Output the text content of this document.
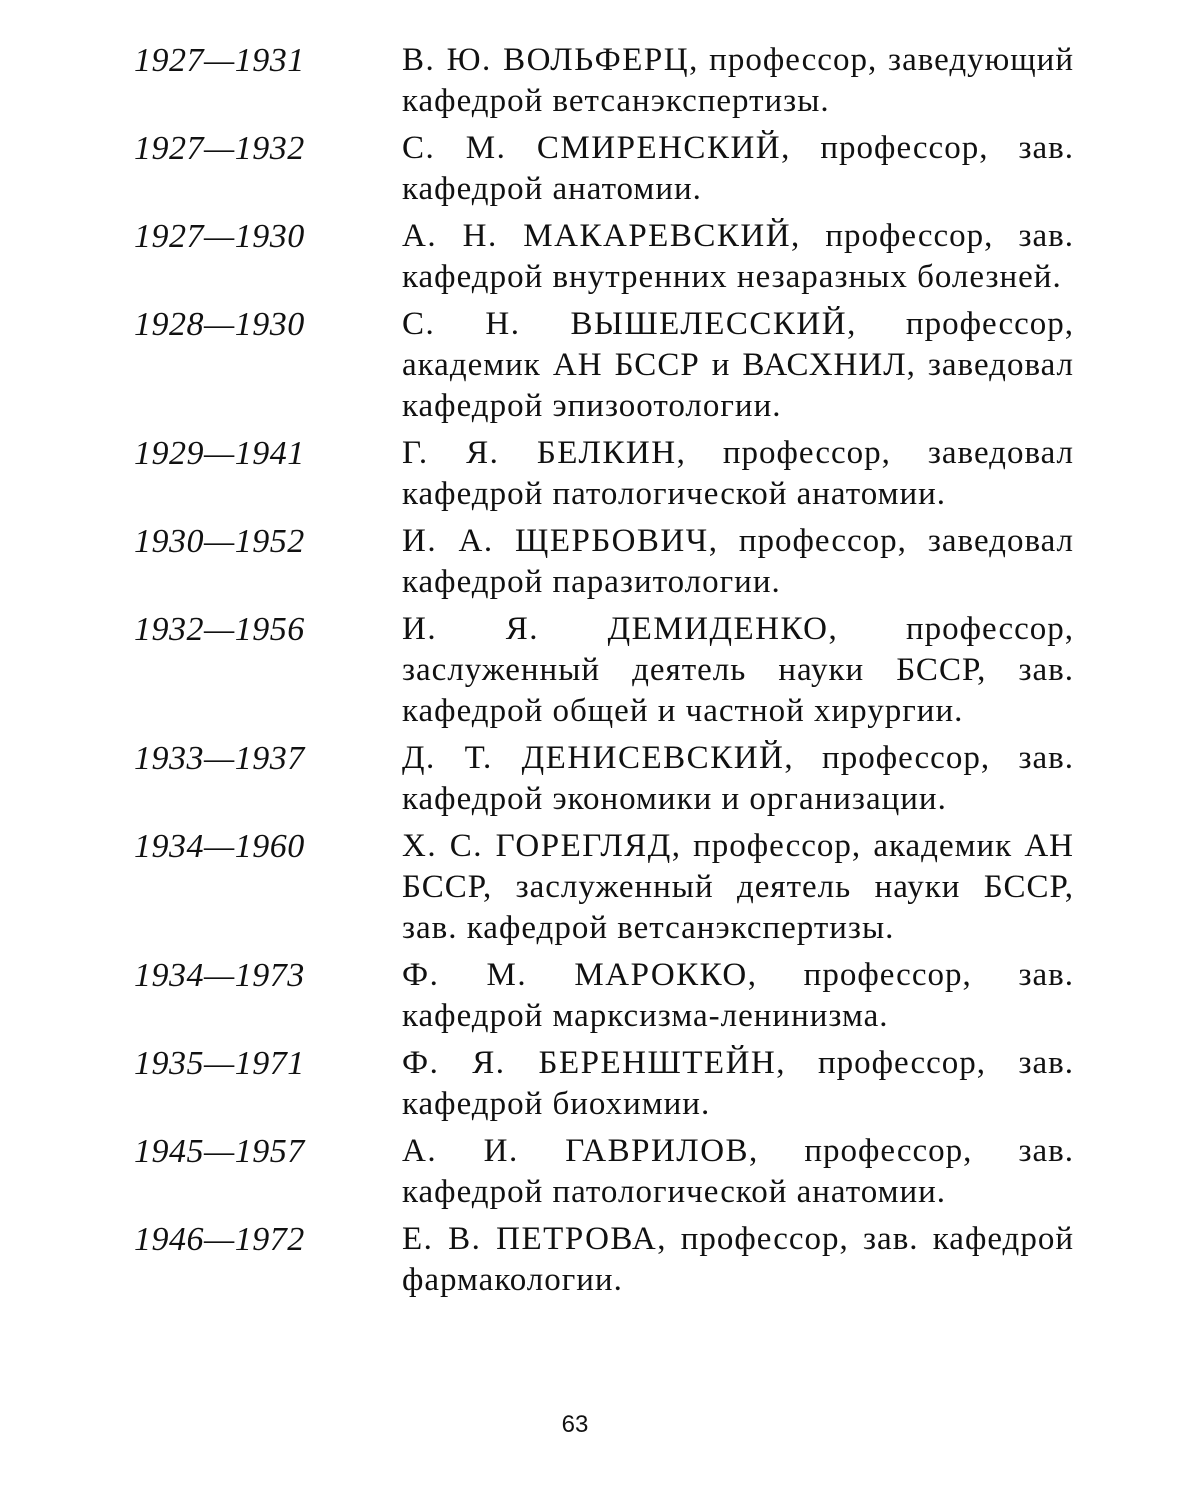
1927—1931	В. Ю. ВОЛЬФЕРЦ, профессор, заведующий кафедрой ветсанэкспертизы.
1927—1932	С. М. СМИРЕНСКИЙ, профессор, зав. кафедрой анатомии.
1927—1930	А. Н. МАКАРЕВСКИЙ, профессор, зав. кафедрой внутренних незаразных болезней.
1928—1930	С. Н. ВЫШЕЛЕССКИЙ, профессор, академик АН БССР и ВАСХНИЛ, заведовал кафедрой эпизоотологии.
1929—1941	Г. Я. БЕЛКИН, профессор, заведовал кафедрой патологической анатомии.
1930—1952	И. А. ЩЕРБОВИЧ, профессор, заведовал кафедрой паразитологии.
1932—1956	И. Я. ДЕМИДЕНКО, профессор, заслуженный деятель науки БССР, зав. кафедрой общей и частной хирургии.
1933—1937	Д. Т. ДЕНИСЕВСКИЙ, профессор, зав. кафедрой экономики и организации.
1934—1960	Х. С. ГОРЕГЛЯД, профессор, академик АН БССР, заслуженный деятель науки БССР, зав. кафедрой ветсанэкспертизы.
1934—1973	Ф. М. МАРОККО, профессор, зав. кафедрой марксизма-ленинизма.
1935—1971	Ф. Я. БЕРЕНШТЕЙН, профессор, зав. кафедрой биохимии.
1945—1957	А. И. ГАВРИЛОВ, профессор, зав. кафедрой патологической анатомии.
1946—1972	Е. В. ПЕТРОВА, профессор, зав. кафедрой фармакологии.
63
